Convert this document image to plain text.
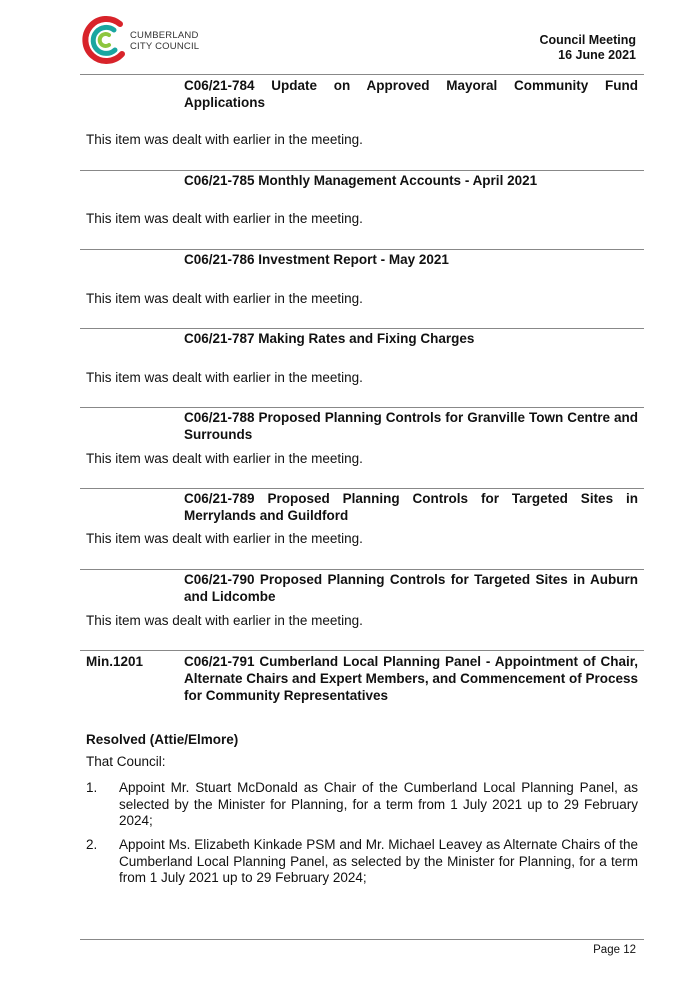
CUMBERLAND
CITY COUNCIL	Council Meeting
16 June 2021
C06/21-784 Update on Approved Mayoral Community Fund Applications
This item was dealt with earlier in the meeting.
C06/21-785 Monthly Management Accounts - April 2021
This item was dealt with earlier in the meeting.
C06/21-786 Investment Report - May 2021
This item was dealt with earlier in the meeting.
C06/21-787 Making Rates and Fixing Charges
This item was dealt with earlier in the meeting.
C06/21-788 Proposed Planning Controls for Granville Town Centre and Surrounds
This item was dealt with earlier in the meeting.
C06/21-789 Proposed Planning Controls for Targeted Sites in Merrylands and Guildford
This item was dealt with earlier in the meeting.
C06/21-790 Proposed Planning Controls for Targeted Sites in Auburn and Lidcombe
This item was dealt with earlier in the meeting.
Min.1201	C06/21-791 Cumberland Local Planning Panel - Appointment of Chair, Alternate Chairs and Expert Members, and Commencement of Process for Community Representatives
Resolved (Attie/Elmore)
That Council:
1. Appoint Mr. Stuart McDonald as Chair of the Cumberland Local Planning Panel, as selected by the Minister for Planning, for a term from 1 July 2021 up to 29 February 2024;
2. Appoint Ms. Elizabeth Kinkade PSM and Mr. Michael Leavey as Alternate Chairs of the Cumberland Local Planning Panel, as selected by the Minister for Planning, for a term from 1 July 2021 up to 29 February 2024;
Page 12
